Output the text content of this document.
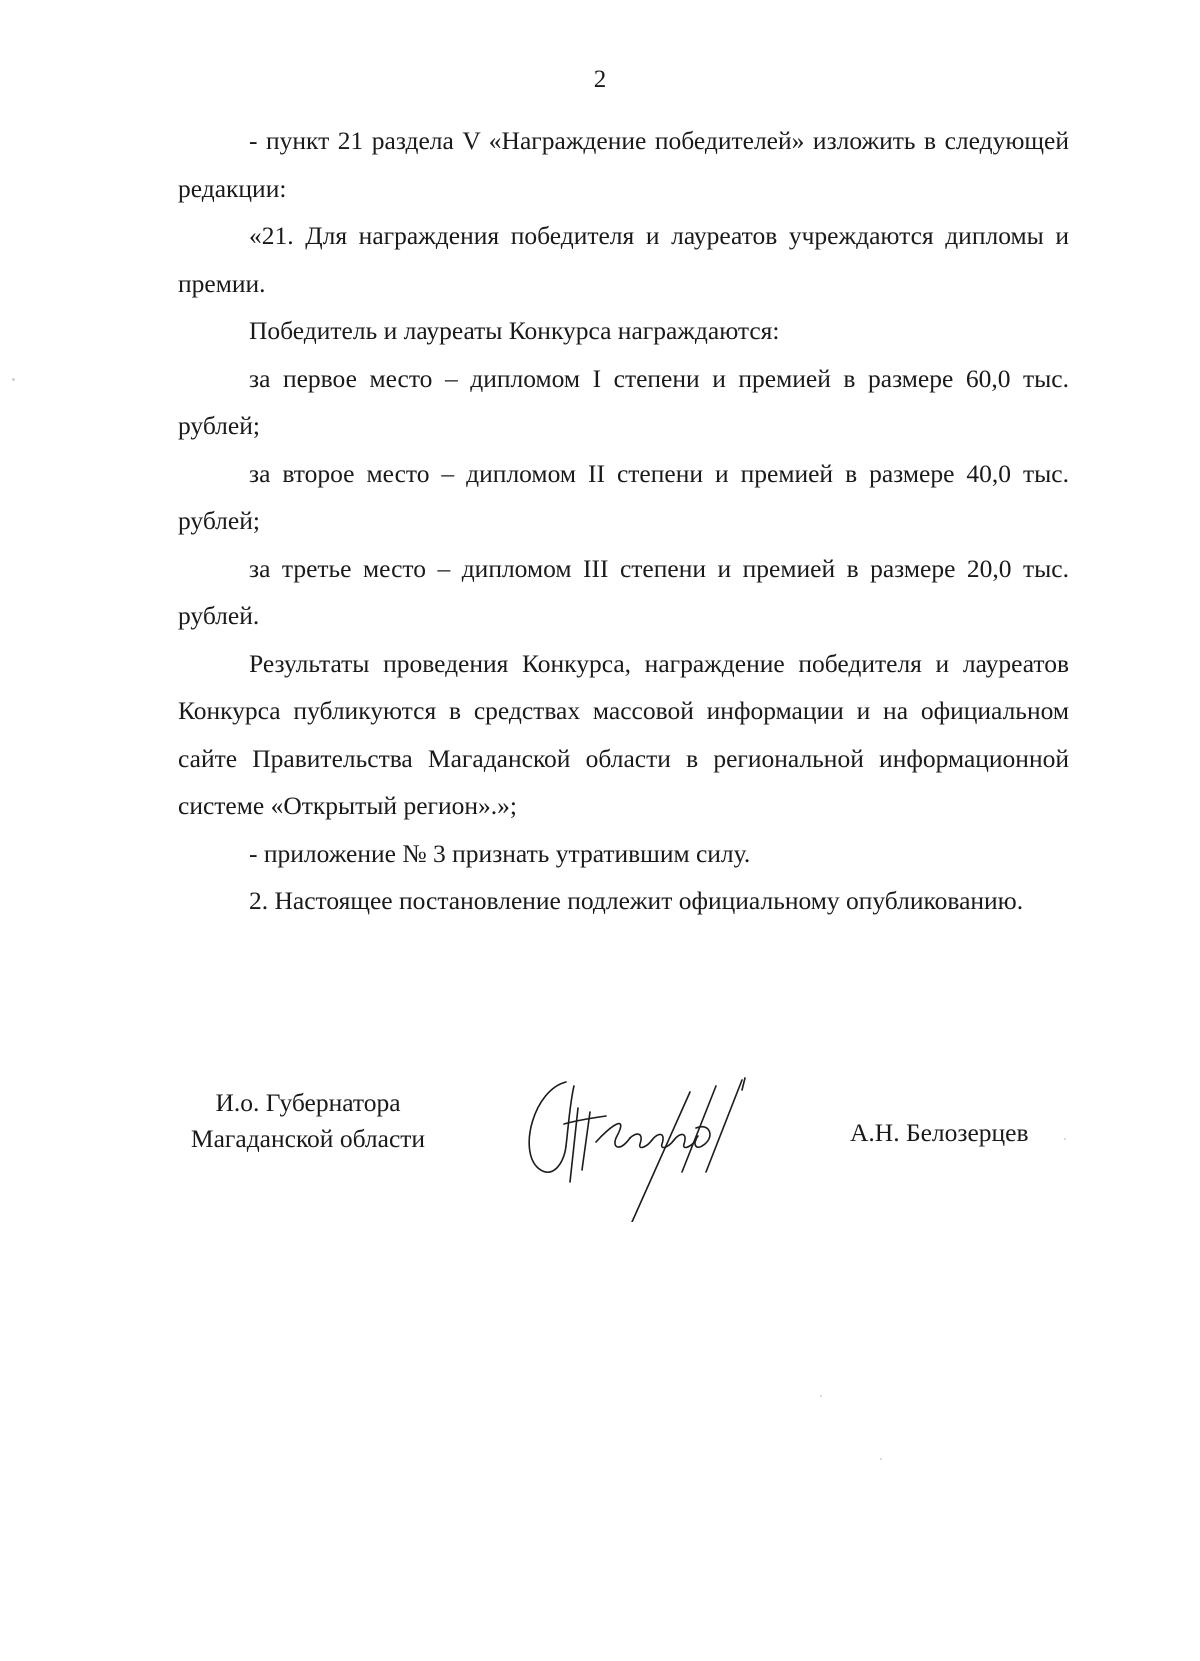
2

- пункт 21 раздела V «Награждение победителей» изложить в следующей редакции:

«21. Для награждения победителя и лауреатов учреждаются дипломы и премии.

Победитель и лауреаты Конкурса награждаются:

за первое место – дипломом I степени и премией в размере 60,0 тыс. рублей;

за второе место – дипломом II степени и премией в размере 40,0 тыс. рублей;

за третье место – дипломом III степени и премией в размере 20,0 тыс. рублей.

Результаты проведения Конкурса, награждение победителя и лауреатов Конкурса публикуются в средствах массовой информации и на официальном сайте Правительства Магаданской области в региональной информационной системе «Открытый регион».»;

- приложение № 3 признать утратившим силу.

2. Настоящее постановление подлежит официальному опубликованию.

И.о. Губернатора
Магаданской области	А.Н. Белозерцев
